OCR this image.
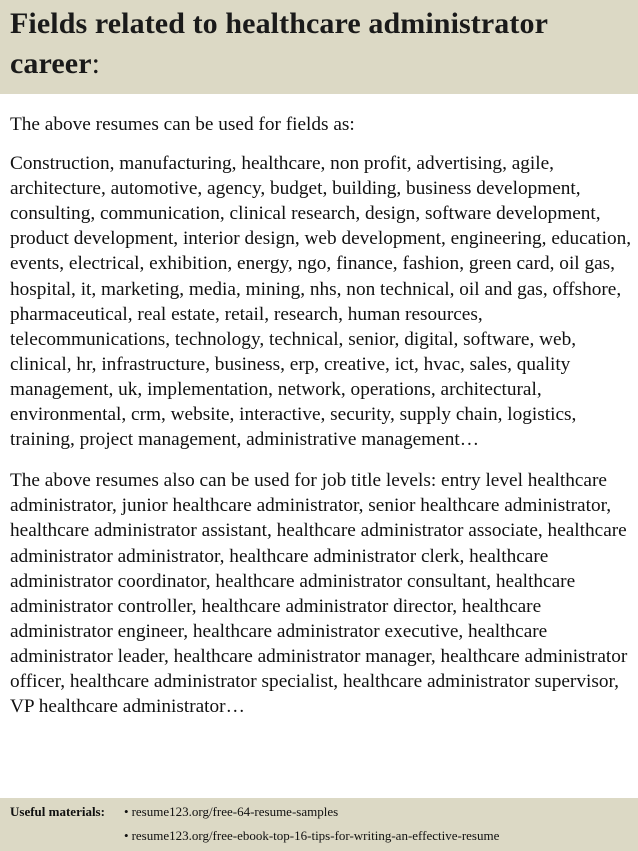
Fields related to healthcare administrator career:

The above resumes can be used for fields as:

Construction, manufacturing, healthcare, non profit, advertising, agile, architecture, automotive, agency, budget, building, business development, consulting, communication, clinical research, design, software development, product development, interior design, web development, engineering, education, events, electrical, exhibition, energy, ngo, finance, fashion, green card, oil gas, hospital, it, marketing, media, mining, nhs, non technical, oil and gas, offshore, pharmaceutical, real estate, retail, research, human resources, telecommunications, technology, technical, senior, digital, software, web, clinical, hr, infrastructure, business, erp, creative, ict, hvac, sales, quality management, uk, implementation, network, operations, architectural, environmental, crm, website, interactive, security, supply chain, logistics, training, project management, administrative management…

The above resumes also can be used for job title levels: entry level healthcare administrator, junior healthcare administrator, senior healthcare administrator, healthcare administrator assistant, healthcare administrator associate, healthcare administrator administrator, healthcare administrator clerk, healthcare administrator coordinator, healthcare administrator consultant, healthcare administrator controller, healthcare administrator director, healthcare administrator engineer, healthcare administrator executive, healthcare administrator leader, healthcare administrator manager, healthcare administrator officer, healthcare administrator specialist, healthcare administrator supervisor, VP healthcare administrator…

Useful materials: • resume123.org/free-64-resume-samples
• resume123.org/free-ebook-top-16-tips-for-writing-an-effective-resume
